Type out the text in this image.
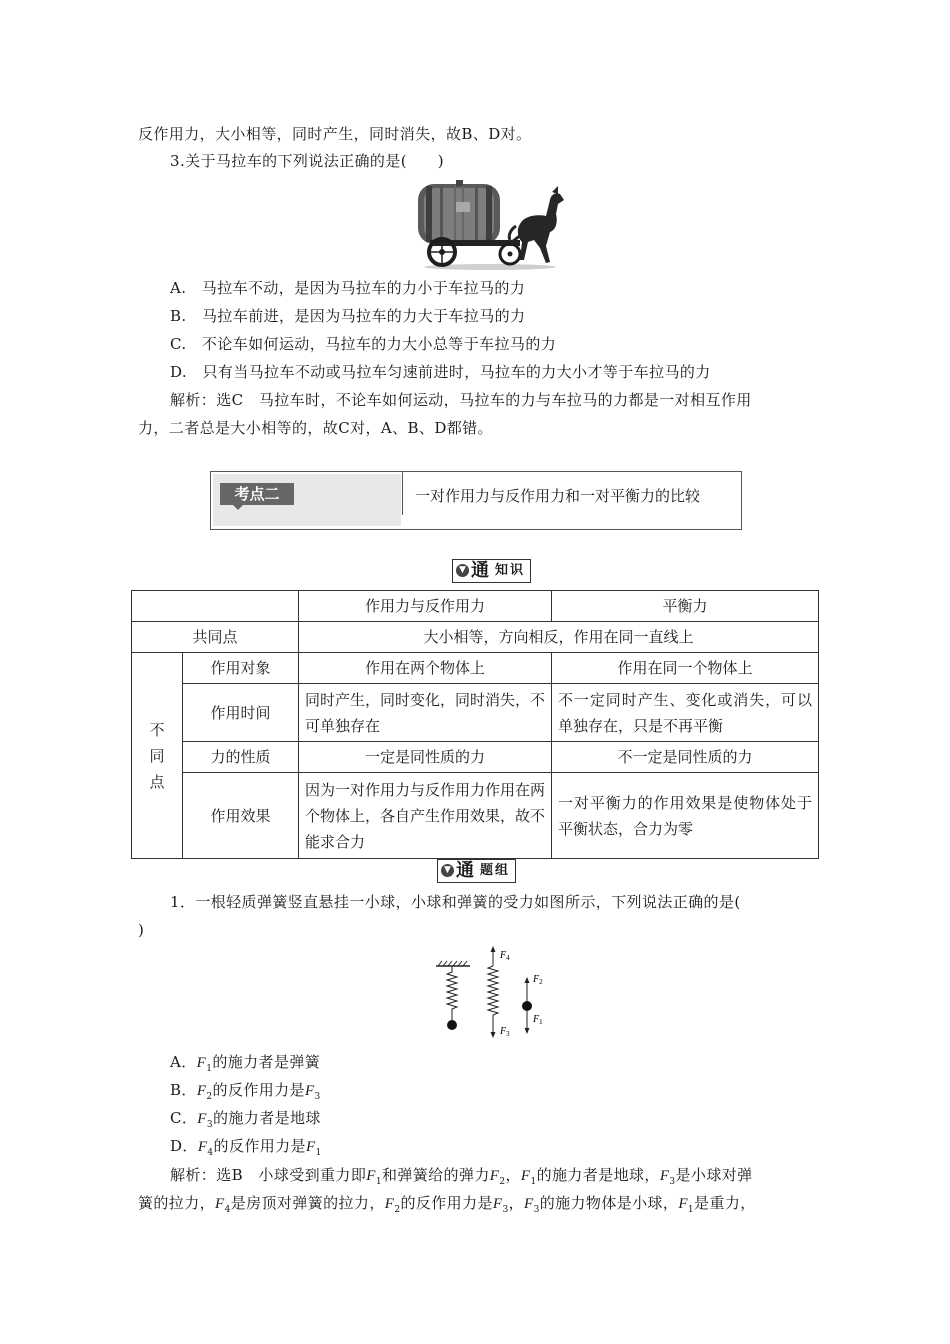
反作用力，大小相等，同时产生，同时消失，故B、D对。
3.关于马拉车的下列说法正确的是(　　)
A.　马拉车不动，是因为马拉车的力小于车拉马的力
B.　马拉车前进，是因为马拉车的力大于车拉马的力
C.　不论车如何运动，马拉车的力大小总等于车拉马的力
D.　只有当马拉车不动或马拉车匀速前进时，马拉车的力大小才等于车拉马的力
解析：选C　马拉车时，不论车如何运动，马拉车的力与车拉马的力都是一对相互作用
力，二者总是大小相等的，故C对，A、B、D都错。
考点二	一对作用力与反作用力和一对平衡力的比较
▼ 通 知识
		作用力与反作用力	平衡力
共同点		大小相等，方向相反，作用在同一直线上	
不同点	作用对象	作用在两个物体上	作用在同一个物体上
	作用时间	同时产生，同时变化，同时消失，不可单独存在	不一定同时产生、变化或消失，可以单独存在，只是不再平衡
	力的性质	一定是同性质的力	不一定是同性质的力
	作用效果	因为一对作用力与反作用力作用在两个物体上，各自产生作用效果，故不能求合力	一对平衡力的作用效果是使物体处于平衡状态，合力为零
▼ 通 题组
1．一根轻质弹簧竖直悬挂一小球，小球和弹簧的受力如图所示，下列说法正确的是(
)
$F_4$
$F_3$
$F_2$
$F_1$
A．$F_1$的施力者是弹簧
B．$F_2$的反作用力是$F_3$
C．$F_3$的施力者是地球
D．$F_4$的反作用力是$F_1$
解析：选B　小球受到重力即$F_1$和弹簧给的弹力$F_2$，$F_1$的施力者是地球，$F_3$是小球对弹
簧的拉力，$F_4$是房顶对弹簧的拉力，$F_2$的反作用力是$F_3$，$F_3$的施力物体是小球，$F_1$是重力，
